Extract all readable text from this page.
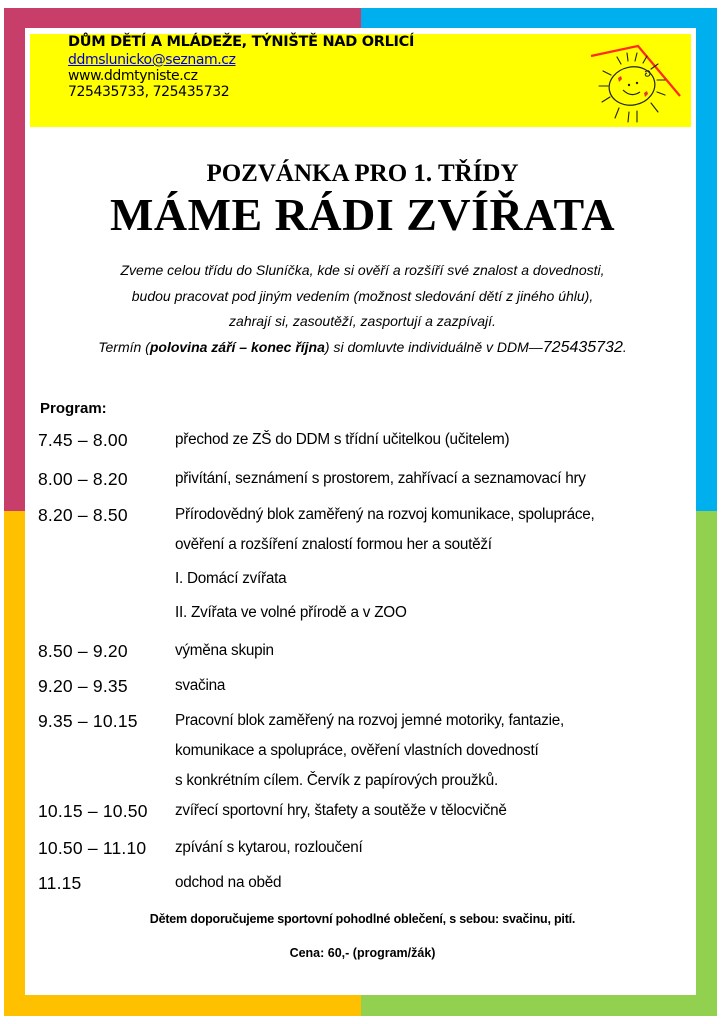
DŮM DĚTÍ A MLÁDEŽE, TÝNIŠTĚ NAD ORLICÍ
ddmslunicko@seznam.cz
www.ddmtyniste.cz
725435733, 725435732
POZVÁNKA PRO 1. TŘÍDY
MÁME RÁDI ZVÍŘATA
Zveme celou třídu do Sluníčka, kde si ověří a rozšíří své znalost a dovednosti,
budou pracovat pod jiným vedením (možnost sledování dětí z jiného úhlu),
zahrají si, zasoutěží, zasportují a zazpívají.
Termín (polovina září – konec října) si domluvte individuálně v DDM—725435732.
Program:
7.45 – 8.00	přechod ze ZŠ do DDM s třídní učitelkou (učitelem)
8.00 – 8.20	přivítání, seznámení s prostorem, zahřívací a seznamovací hry
8.20 – 8.50	Přírodovědný blok zaměřený na rozvoj komunikace, spolupráce,
ověření a rozšíření znalostí formou her a soutěží
I. Domácí zvířata
II. Zvířata ve volné přírodě a v ZOO
8.50 – 9.20	výměna skupin
9.20 – 9.35	svačina
9.35 – 10.15 Pracovní blok zaměřený na rozvoj jemné motoriky, fantazie,
komunikace a spolupráce, ověření vlastních dovedností
s konkrétním cílem. Červík z papírových proužků.
10.15 – 10.50 zvířecí sportovní hry, štafety a soutěže v tělocvičně
10.50 – 11.10 zpívání s kytarou, rozloučení
11.15	odchod na oběd
Dětem doporučujeme sportovní pohodlné oblečení, s sebou: svačinu, pití.
Cena: 60,- (program/žák)
